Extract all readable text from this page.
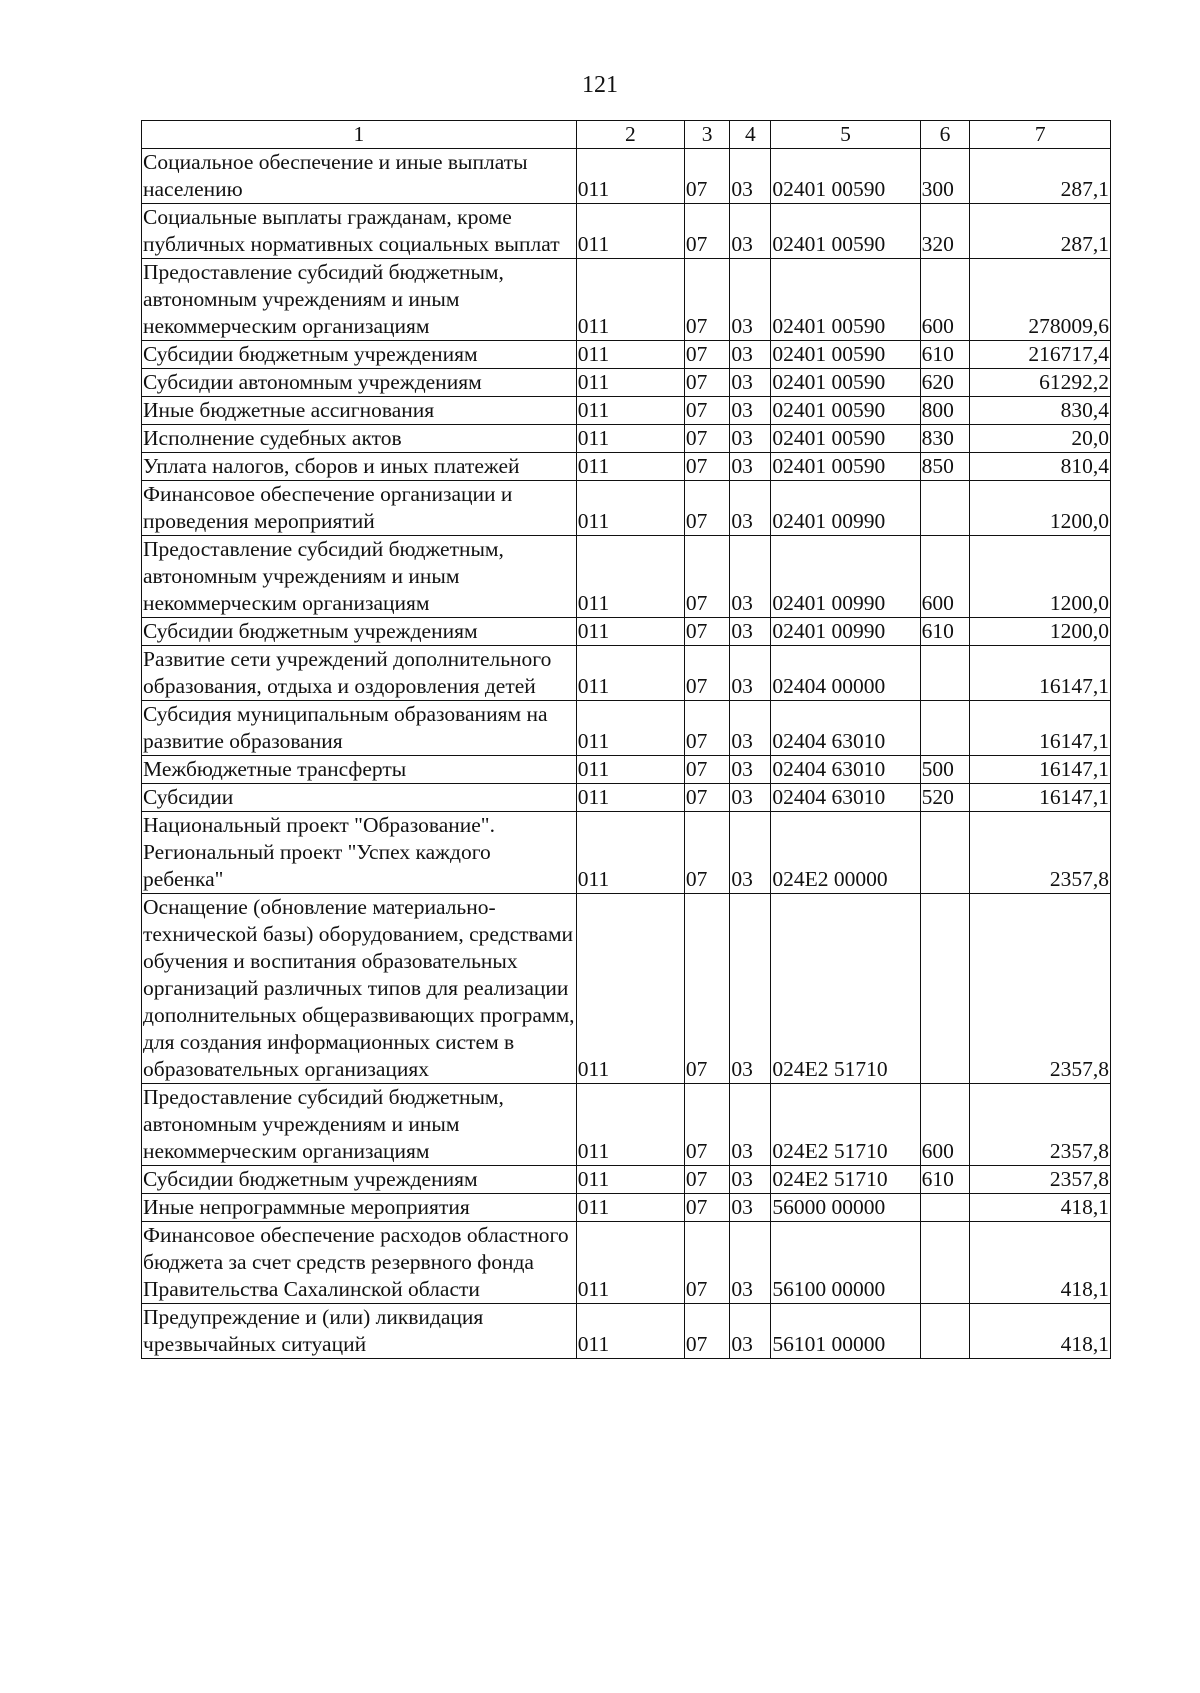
121
1	2	3	4	5	6	7
Социальное обеспечение и иные выплаты населению	011	07	03	02401 00590	300	287,1
Социальные выплаты гражданам, кроме публичных нормативных социальных выплат	011	07	03	02401 00590	320	287,1
Предоставление субсидий бюджетным, автономным учреждениям и иным некоммерческим организациям	011	07	03	02401 00590	600	278009,6
Субсидии бюджетным учреждениям	011	07	03	02401 00590	610	216717,4
Субсидии автономным учреждениям	011	07	03	02401 00590	620	61292,2
Иные бюджетные ассигнования	011	07	03	02401 00590	800	830,4
Исполнение судебных актов	011	07	03	02401 00590	830	20,0
Уплата налогов, сборов и иных платежей	011	07	03	02401 00590	850	810,4
Финансовое обеспечение организации и проведения мероприятий	011	07	03	02401 00990		1200,0
Предоставление субсидий бюджетным, автономным учреждениям и иным некоммерческим организациям	011	07	03	02401 00990	600	1200,0
Субсидии бюджетным учреждениям	011	07	03	02401 00990	610	1200,0
Развитие сети учреждений дополнительного образования, отдыха и оздоровления детей	011	07	03	02404 00000		16147,1
Субсидия муниципальным образованиям на развитие образования	011	07	03	02404 63010		16147,1
Межбюджетные трансферты	011	07	03	02404 63010	500	16147,1
Субсидии	011	07	03	02404 63010	520	16147,1
Национальный проект "Образование". Региональный проект "Успех каждого ребенка"	011	07	03	024E2 00000		2357,8
Оснащение (обновление материально-технической базы) оборудованием, средствами обучения и воспитания образовательных организаций различных типов для реализации дополнительных общеразвивающих программ, для создания информационных систем в образовательных организациях	011	07	03	024E2 51710		2357,8
Предоставление субсидий бюджетным, автономным учреждениям и иным некоммерческим организациям	011	07	03	024E2 51710	600	2357,8
Субсидии бюджетным учреждениям	011	07	03	024E2 51710	610	2357,8
Иные непрограммные мероприятия	011	07	03	56000 00000		418,1
Финансовое обеспечение расходов областного бюджета за счет средств резервного фонда Правительства Сахалинской области	011	07	03	56100 00000		418,1
Предупреждение и (или) ликвидация чрезвычайных ситуаций	011	07	03	56101 00000		418,1
